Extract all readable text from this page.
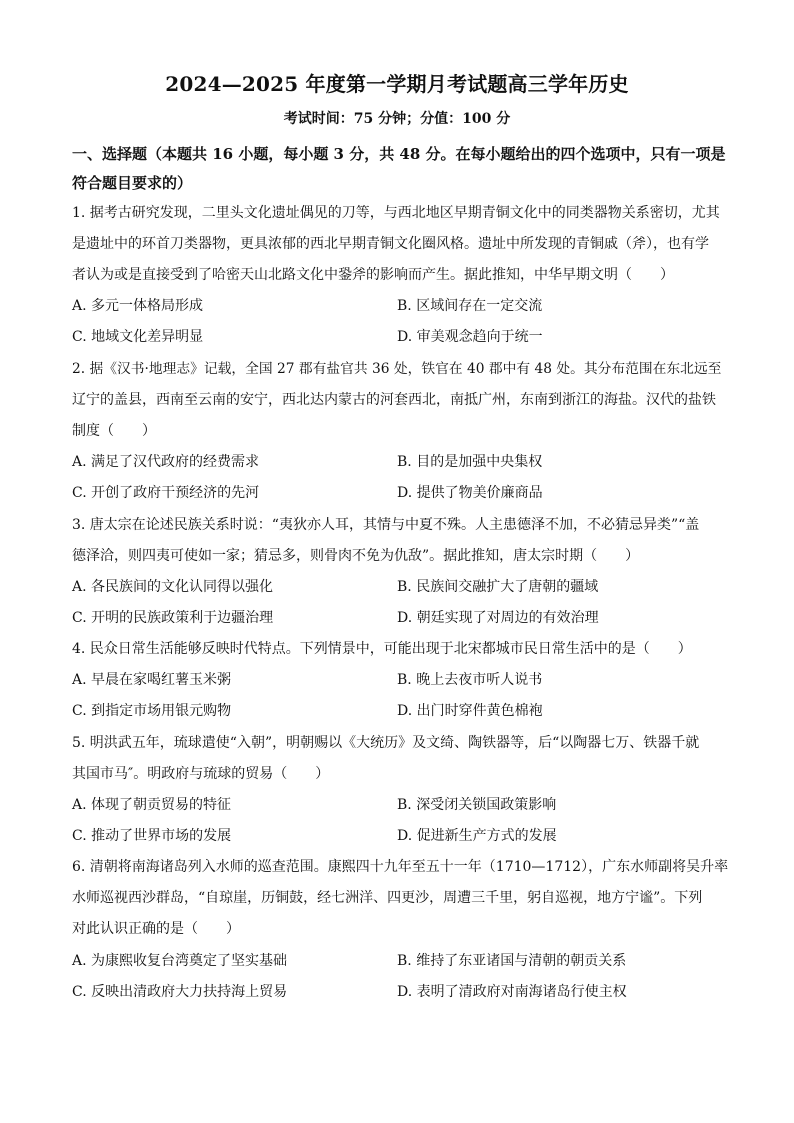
2024—2025 年度第一学期月考试题高三学年历史
考试时间：75 分钟；分值：100 分
一、选择题（本题共 16 小题，每小题 3 分，共 48 分。在每小题给出的四个选项中，只有一项是符合题目要求的）
1. 据考古研究发现，二里头文化遗址偶见的刀等，与西北地区早期青铜文化中的同类器物关系密切，尤其
是遗址中的环首刀类器物，更具浓郁的西北早期青铜文化圈风格。遗址中所发现的青铜戚（斧），也有学
者认为或是直接受到了哈密天山北路文化中銎斧的影响而产生。据此推知，中华早期文明（　　）
A. 多元一体格局形成	B. 区域间存在一定交流
C. 地域文化差异明显	D. 审美观念趋向于统一
2. 据《汉书·地理志》记载，全国 27 郡有盐官共 36 处，铁官在 40 郡中有 48 处。其分布范围在东北远至
辽宁的盖县，西南至云南的安宁，西北达内蒙古的河套西北，南抵广州，东南到浙江的海盐。汉代的盐铁
制度（　　）
A. 满足了汉代政府的经费需求	B. 目的是加强中央集权
C. 开创了政府干预经济的先河	D. 提供了物美价廉商品
3. 唐太宗在论述民族关系时说：“夷狄亦人耳，其情与中夏不殊。人主患德泽不加，不必猜忌异类”“盖
德泽洽，则四夷可使如一家；猜忌多，则骨肉不免为仇敌”。据此推知，唐太宗时期（　　）
A. 各民族间的文化认同得以强化	B. 民族间交融扩大了唐朝的疆域
C. 开明的民族政策利于边疆治理	D. 朝廷实现了对周边的有效治理
4. 民众日常生活能够反映时代特点。下列情景中，可能出现于北宋都城市民日常生活中的是（　　）
A. 早晨在家喝红薯玉米粥	B. 晚上去夜市听人说书
C. 到指定市场用银元购物	D. 出门时穿件黄色棉袍
5. 明洪武五年，琉球遣使“入朝”，明朝赐以《大统历》及文绮、陶铁器等，后“以陶器七万、铁器千就
其国市马″。明政府与琉球的贸易（　　）
A. 体现了朝贡贸易的特征	B. 深受闭关锁国政策影响
C. 推动了世界市场的发展	D. 促进新生产方式的发展
6. 清朝将南海诸岛列入水师的巡查范围。康熙四十九年至五十一年（1710—1712），广东水师副将吴升率
水师巡视西沙群岛，“自琼崖，历铜鼓，经七洲洋、四更沙，周遭三千里，躬自巡视，地方宁谧”。下列
对此认识正确的是（　　）
A. 为康熙收复台湾奠定了坚实基础	B. 维持了东亚诸国与清朝的朝贡关系
C. 反映出清政府大力扶持海上贸易	D. 表明了清政府对南海诸岛行使主权
